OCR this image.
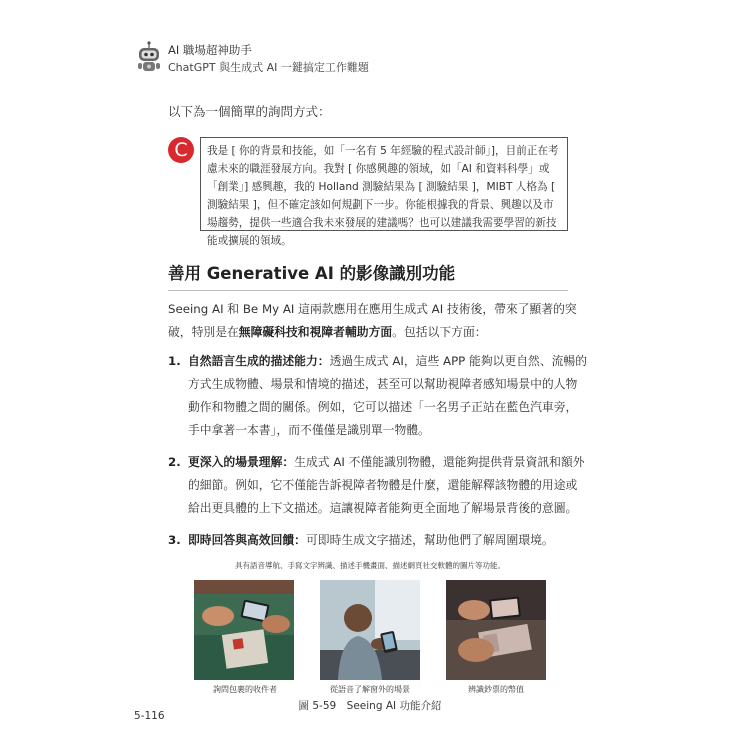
AI 職場超神助手
ChatGPT 與生成式 AI 一鍵搞定工作難題
以下為一個簡單的詢問方式：
C	我是 [ 你的背景和技能，如「一名有 5 年經驗的程式設計師」]，目前正在考慮未來的職涯發展方向。我對 [ 你感興趣的領域，如「AI 和資料科學」或「創業」] 感興趣，我的 Holland 測驗結果為 [ 測驗結果 ]，MIBT 人格為 [ 測驗結果 ]，但不確定該如何規劃下一步。你能根據我的背景、興趣以及市場趨勢，提供一些適合我未來發展的建議嗎？也可以建議我需要學習的新技能或擴展的領域。
善用 Generative AI 的影像識別功能
Seeing AI 和 Be My AI 這兩款應用在應用生成式 AI 技術後，帶來了顯著的突破，特別是在無障礙科技和視障者輔助方面。包括以下方面：
1. 自然語言生成的描述能力：透過生成式 AI，這些 APP 能夠以更自然、流暢的方式生成物體、場景和情境的描述，甚至可以幫助視障者感知場景中的人物動作和物體之間的關係。例如，它可以描述「一名男子正站在藍色汽車旁，手中拿著一本書」，而不僅僅是識別單一物體。
2. 更深入的場景理解：生成式 AI 不僅能識別物體，還能夠提供背景資訊和額外的細節。例如，它不僅能告訴視障者物體是什麼，還能解釋該物體的用途或給出更具體的上下文描述。這讓視障者能夠更全面地了解場景背後的意圖。
3. 即時回答與高效回饋：可即時生成文字描述，幫助他們了解周圍環境。
具有語音導航、手寫文字辨識、描述手機畫面、描述網頁社交軟體的圖片等功能。
詢問包裹的收件者	從語音了解窗外的場景	辨識鈔票的幣值
圖 5-59　Seeing AI 功能介紹
5-116
